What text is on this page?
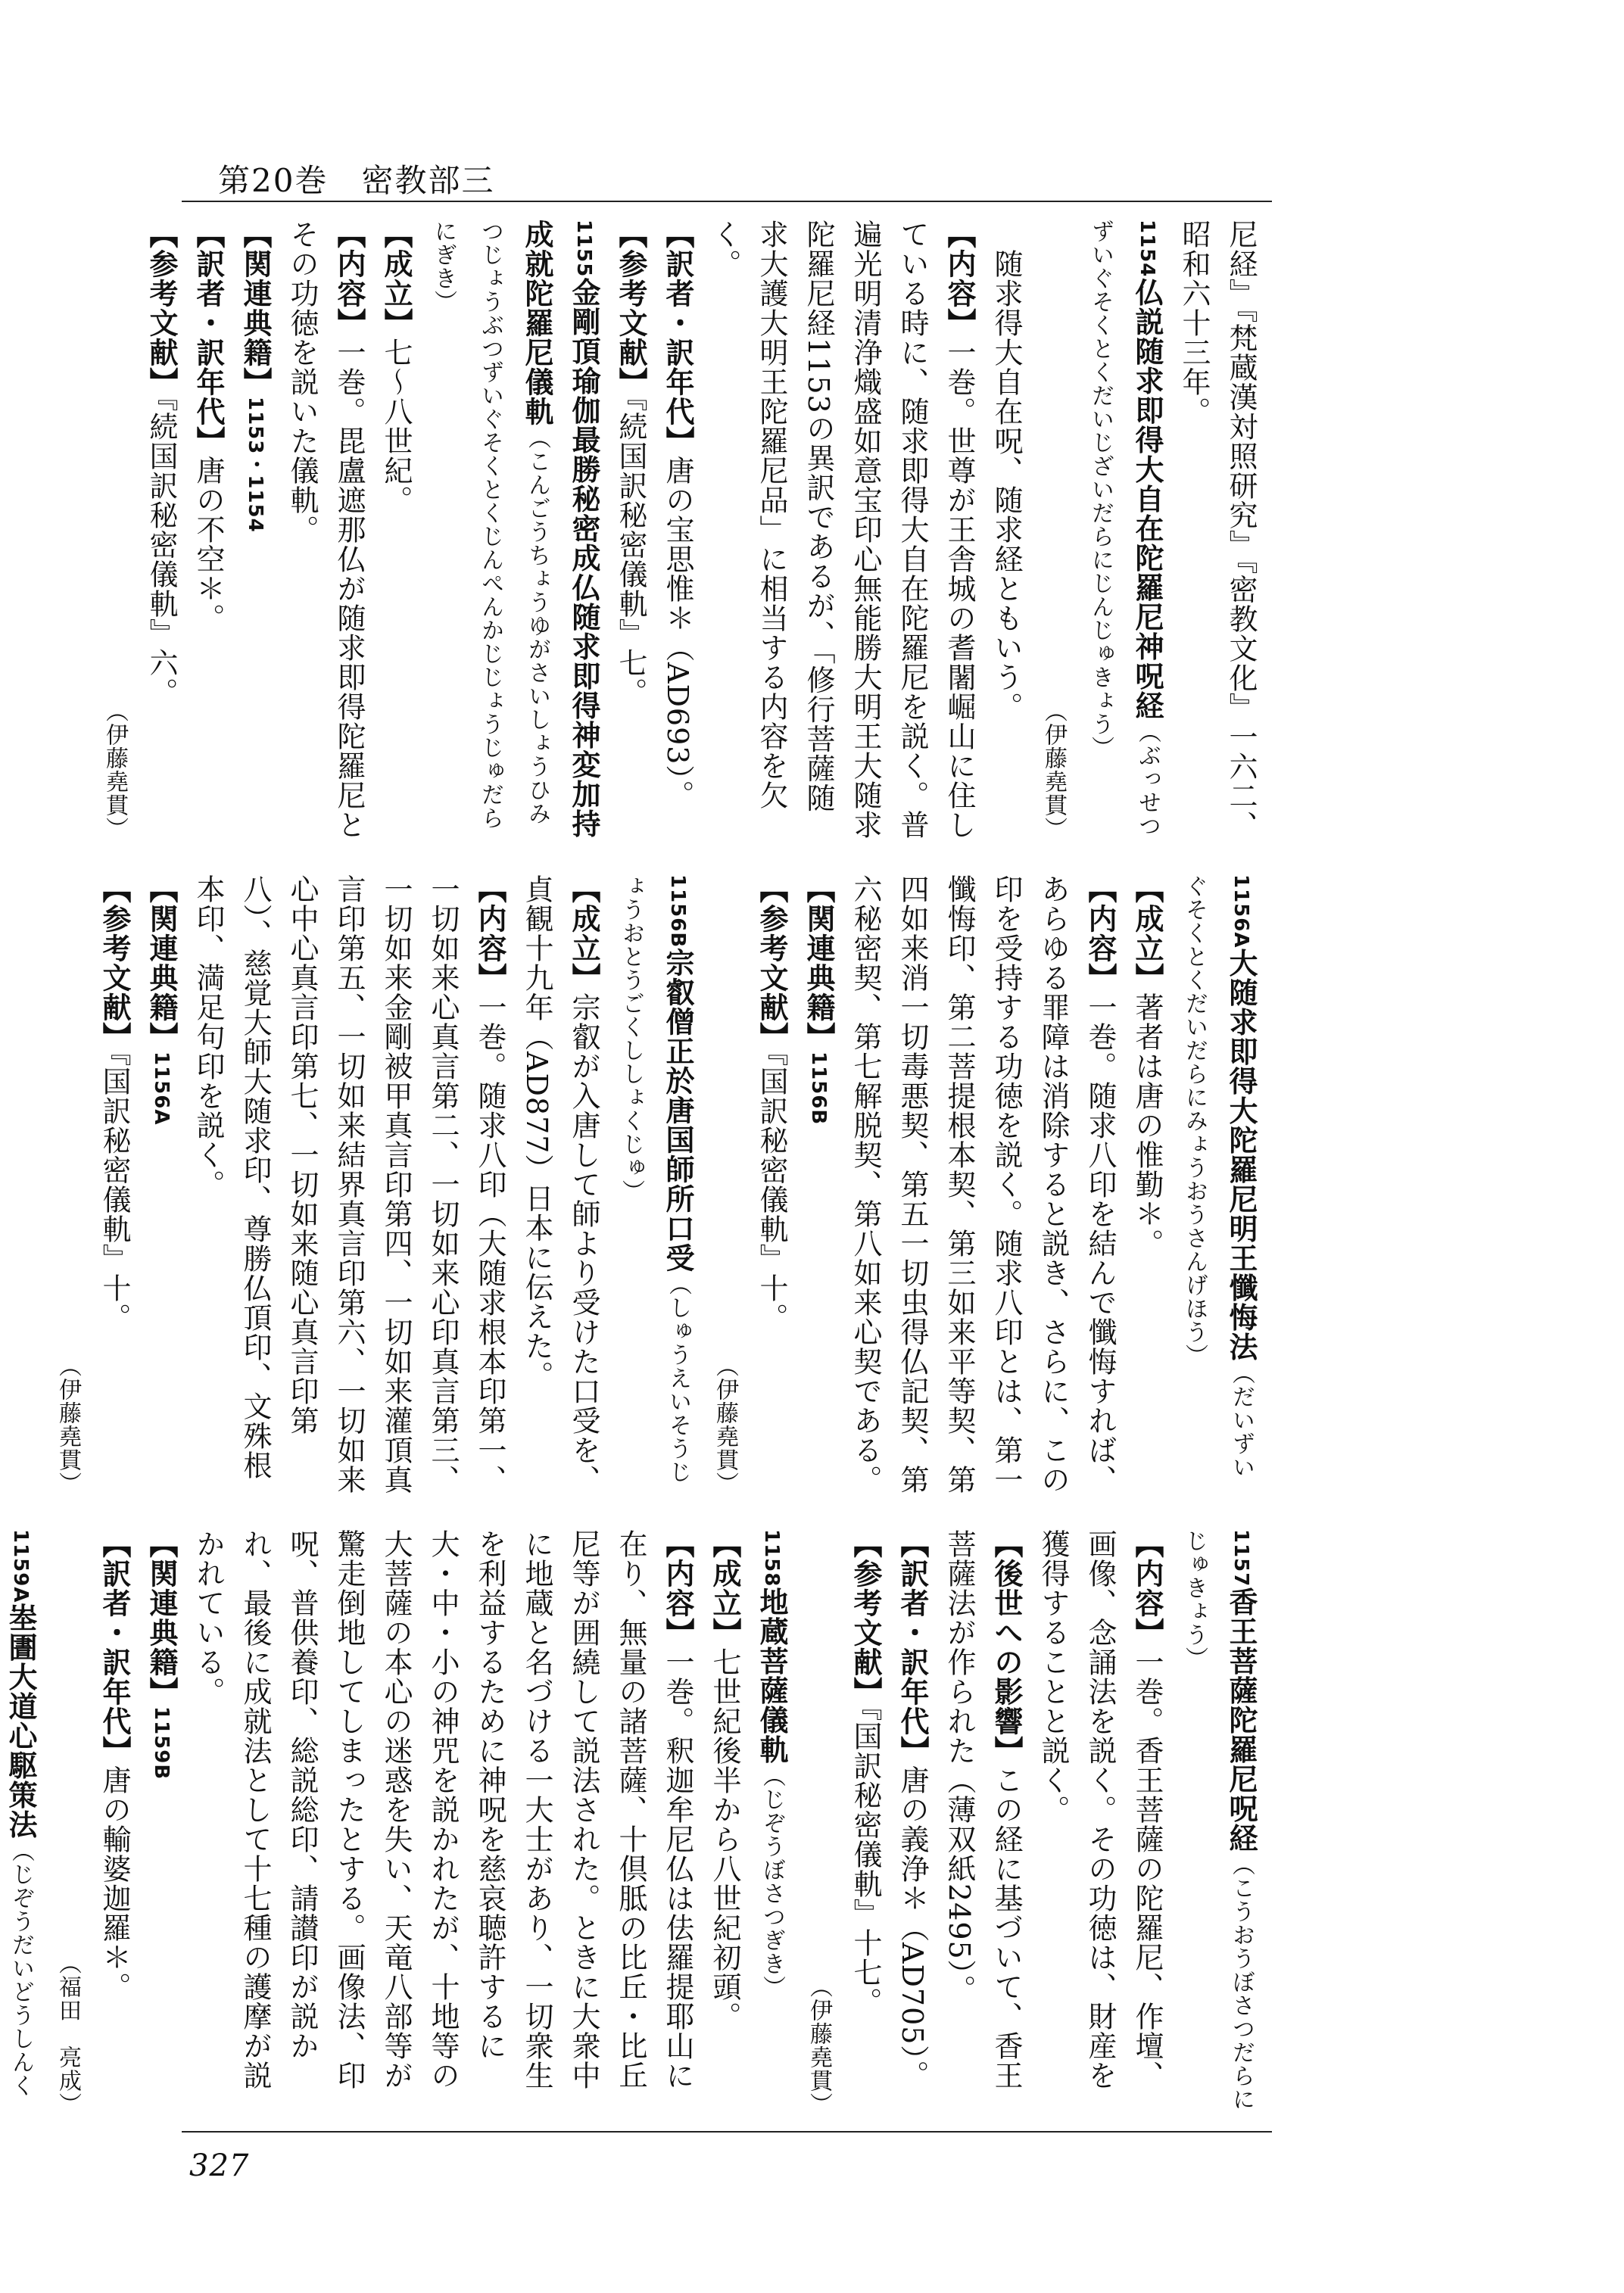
第20巻　 密教部三
尼経』『梵蔵漢対照研究』『密教文化』一六二、昭和六十三年。
1154仏説随求即得大自在陀羅尼神呪経（ぶっせつずいぐそくとくだいじざいだらにじんじゅきょう）
（伊藤堯貫）
　随求得大自在呪、随求経ともいう。
【内容】一巻。世尊が王舎城の耆闍崛山に住している時に、随求即得大自在陀羅尼を説く。普遍光明清浄熾盛如意宝印心無能勝大明王大随求陀羅尼経1153の異訳であるが、「修行菩薩随求大護大明王陀羅尼品」に相当する内容を欠く。
【訳者・訳年代】唐の宝思惟＊（AD693）。
【参考文献】『続国訳秘密儀軌』七。
1155金剛頂瑜伽最勝秘密成仏随求即得神変加持成就陀羅尼儀軌（こんごうちょうゆがさいしょうひみつじょうぶつずいぐそくとくじんぺんかじじょうじゅだらにぎき）
【成立】七～八世紀。
【内容】一巻。毘盧遮那仏が随求即得陀羅尼とその功徳を説いた儀軌。
【関連典籍】1153・1154
【訳者・訳年代】唐の不空＊。
【参考文献】『続国訳秘密儀軌』六。
（伊藤堯貫）
1156A大随求即得大陀羅尼明王懺悔法（だいずいぐそくとくだいだらにみょうおうさんげほう）
【成立】著者は唐の惟勤＊。
【内容】一巻。随求八印を結んで懺悔すれば、あらゆる罪障は消除すると説き、さらに、この印を受持する功徳を説く。随求八印とは、第一懺悔印、第二菩提根本契、第三如来平等契、第四如来消一切毒悪契、第五一切虫得仏記契、第六秘密契、第七解脱契、第八如来心契である。
【関連典籍】1156B
【参考文献】『国訳秘密儀軌』十。
（伊藤堯貫）
1156B宗叡僧正於唐国師所口受（しゅうえいそうじょうおとうごくししょくじゅ）
【成立】宗叡が入唐して師より受けた口受を、貞観十九年（AD877）日本に伝えた。
【内容】一巻。随求八印（大随求根本印第一、一切如来心真言第二、一切如来心印真言第三、一切如来金剛被甲真言印第四、一切如来灌頂真言印第五、一切如来結界真言印第六、一切如来心中心真言印第七、一切如来随心真言印第八）、慈覚大師大随求印、尊勝仏頂印、文殊根本印、満足句印を説く。
【関連典籍】1156A
【参考文献】『国訳秘密儀軌』十。
（伊藤堯貫）
1157香王菩薩陀羅尼呪経（こうおうぼさつだらにじゅきょう）
【内容】一巻。香王菩薩の陀羅尼、作壇、画像、念誦法を説く。その功徳は、財産を獲得することと説く。
【後世への影響】この経に基づいて、香王菩薩法が作られた（薄双紙2495）。
【訳者・訳年代】唐の義浄＊（AD705）。
【参考文献】『国訳秘密儀軌』十七。
（伊藤堯貫）
1158地蔵菩薩儀軌（じぞうぼさつぎき）
【成立】七世紀後半から八世紀初頭。
【内容】一巻。釈迦牟尼仏は佉羅提耶山に在り、無量の諸菩薩、十倶胝の比丘・比丘尼等が囲繞して説法された。ときに大衆中に地蔵と名づける一大士があり、一切衆生を利益するために神呪を慈哀聴許するに大・中・小の神咒を説かれたが、十地等の大菩薩の本心の迷惑を失い、天竜八部等が驚走倒地してしまったとする。画像法、印呪、普供養印、総説総印、請讃印が説かれ、最後に成就法として十七種の護摩が説かれている。
【関連典籍】1159B
【訳者・訳年代】唐の輸婆迦羅＊。
（福田　亮成）
1159A峚圕大道心駆策法（じぞうだいどうしんく
327
